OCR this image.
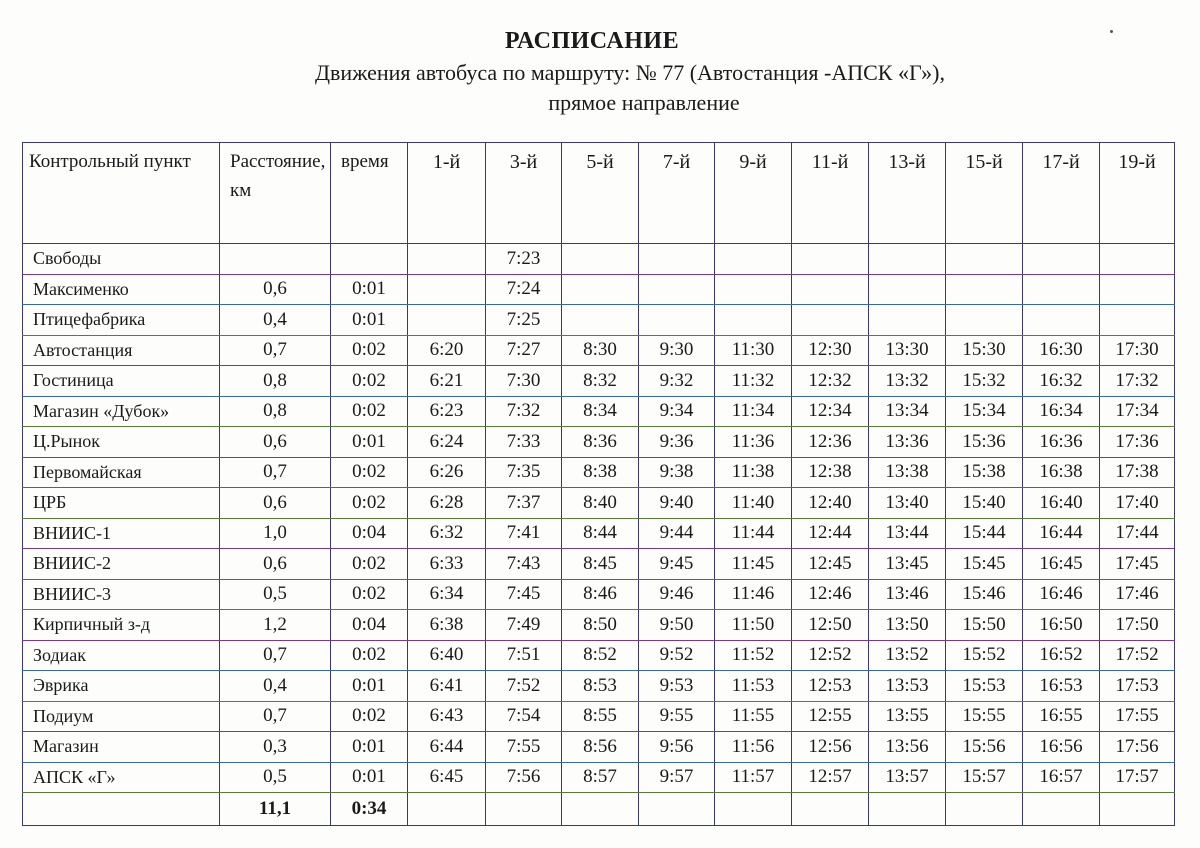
РАСПИСАНИЕ
Движения автобуса по маршруту: № 77 (Автостанция -АПСК «Г»),
прямое направление
Контрольный пункт	Расстояние, км	время	1-й	3-й	5-й	7-й	9-й	11-й	13-й	15-й	17-й	19-й
Свободы				7:23								
Максименко	0,6	0:01		7:24								
Птицефабрика	0,4	0:01		7:25								
Автостанция	0,7	0:02	6:20	7:27	8:30	9:30	11:30	12:30	13:30	15:30	16:30	17:30
Гостиница	0,8	0:02	6:21	7:30	8:32	9:32	11:32	12:32	13:32	15:32	16:32	17:32
Магазин «Дубок»	0,8	0:02	6:23	7:32	8:34	9:34	11:34	12:34	13:34	15:34	16:34	17:34
Ц.Рынок	0,6	0:01	6:24	7:33	8:36	9:36	11:36	12:36	13:36	15:36	16:36	17:36
Первомайская	0,7	0:02	6:26	7:35	8:38	9:38	11:38	12:38	13:38	15:38	16:38	17:38
ЦРБ	0,6	0:02	6:28	7:37	8:40	9:40	11:40	12:40	13:40	15:40	16:40	17:40
ВНИИС-1	1,0	0:04	6:32	7:41	8:44	9:44	11:44	12:44	13:44	15:44	16:44	17:44
ВНИИС-2	0,6	0:02	6:33	7:43	8:45	9:45	11:45	12:45	13:45	15:45	16:45	17:45
ВНИИС-3	0,5	0:02	6:34	7:45	8:46	9:46	11:46	12:46	13:46	15:46	16:46	17:46
Кирпичный з-д	1,2	0:04	6:38	7:49	8:50	9:50	11:50	12:50	13:50	15:50	16:50	17:50
Зодиак	0,7	0:02	6:40	7:51	8:52	9:52	11:52	12:52	13:52	15:52	16:52	17:52
Эврика	0,4	0:01	6:41	7:52	8:53	9:53	11:53	12:53	13:53	15:53	16:53	17:53
Подиум	0,7	0:02	6:43	7:54	8:55	9:55	11:55	12:55	13:55	15:55	16:55	17:55
Магазин	0,3	0:01	6:44	7:55	8:56	9:56	11:56	12:56	13:56	15:56	16:56	17:56
АПСК «Г»	0,5	0:01	6:45	7:56	8:57	9:57	11:57	12:57	13:57	15:57	16:57	17:57
	11,1	0:34										
